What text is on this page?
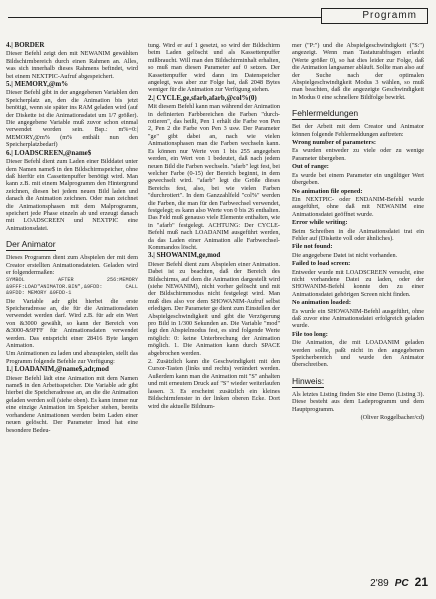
Programm

4.| BORDER

Dieser Befehl zeigt den mit NEWANIM gewählten Bildschirmbereich durch einen Rahmen an. Alles, was sich innerhalb dieses Rahmens befindet, wird bei einem NEXTPIC-Aufruf abgespeichert.

5.| MEMORY,@m%

Dieser Befehl gibt in der angegebenen Variablen den Speicherplatz an, den die Animation bis jetzt benötigt, wenn sie später ins RAM geladen wird (auf der Diskette ist die Animationsdatei um 1/7 größer). Die angegebene Variable muß zuvor schon einmal verwendet worden sein. Bsp.: m%=0:| MEMORY,@m% (m% enthält nun den Speicherplatzbedarf)

6.| LOADSCREEN,@name$

Dieser Befehl dient zum Laden einer Bilddatei unter dem Namen name$ in den Bildschirmspeicher, ohne daß hierfür ein Cassettenpuffer benötigt wird. Man kann z.B. mit einem Malprogramm den Hintergrund zeichnen, diesen bei jedem neuen Bild laden und danach die Animation zeichnen. Oder man zeichnet die Animationsphasen mit dem Malprogramm, speichert jede Phase einzeln ab und erzeugt danach mit LOADSCREEN und NEXTPIC eine Animationsdatei.

Der Animator

Dieses Programm dient zum Abspielen der mit dem Creator erstellten Animationsdateien. Geladen wird er folgendermaßen:

SYMBOL AFTER 256:MEMORY &9FFF:LOAD"ANIMATOR.BIN",&9FDD: CALL &9FDD: MEMORY &9FDD-1

Die Variable adr gibt hierbei die erste Speicheradresse an, die für die Animationsdaten verwendet werden darf. Wird z.B. für adr ein Wert von &3000 gewählt, so kann der Bereich von &3000-&9FFF für Animationsdaten verwendet werden. Das entspricht einer 28416 Byte langen Animation.

Um Animationen zu laden und abzuspielen, stellt das Programm folgende Befehle zur Verfügung:

1.| LOADANIM,@name$,adr,mod

Dieser Befehl lädt eine Animation mit dem Namen name$ in den Arbeitsspeicher. Die Variable adr gibt hierbei die Speicheradresse an, an die die Animation geladen werden soll (siehe oben). Es kann immer nur eine einzige Animation im Speicher stehen, bereits vorhandene Animationen werden beim Laden einer neuen gelöscht. Der Parameter lmod hat eine besondere Bedeu-

tung. Wird er auf 1 gesetzt, so wird der Bildschirm beim Laden gelöscht und als Kassettenpuffer mißbraucht. Will man den Bildschirminhalt erhalten, so muß man diesen Parameter auf 0 setzen. Der Kassettenpuffer wird dann im Datenspeicher angelegt, was aber zur Folge hat, daß 2048 Bytes weniger für die Animation zur Verfügung stehen.

2.| CYCLE,ge,sfarb,afarb,@col%(0)

Mit diesem Befehl kann man während der Animation in definierten Farbbereichen die Farben "durch-rotieren", das heißt, Pen 1 erhält die Farbe von Pen 2, Pen 2 die Farbe von Pen 3 usw. Der Parameter "ge" gibt dabei an, nach wie vielen Animationsphasen man die Farben wechseln kann. Es können nur Werte von 1 bis 255 angegeben werden, ein Wert von 1 bedeutet, daß nach jedem neuen Bild die Farben wechseln. "sfarb" legt fest, bei welcher Farbe (0-15) der Bereich beginnt, in dem gewechselt wird. "afarb" legt die Größe dieses Bereichs fest, also, bei wie vielen Farben "durchrotiert". In dem Ganzzahlfeld "col%" werden die Farben, die man für den Farbwechsel verwendet, festgelegt; es kann also Werte von 0 bis 26 enthalten. Das Feld muß genauso viele Elemente enthalten, wie in "afarb" festgelegt. ACHTUNG: Der CYCLE-Befehl muß nach LOADANIM ausgeführt werden, da das Laden einer Animation alle Farbwechsel-Kommandos löscht.

3.| SHOWANIM,ge,mod

Dieser Befehl dient zum Abspielen einer Animation. Dabei ist zu beachten, daß der Bereich des Bildschirms, auf dem die Animation dargestellt wird (siehe NEWANIM), nicht vorher gelöscht und mit der Bildschirmmodus nicht festgelegt wird. Man muß dies also vor dem SHOWANIM-Aufruf selbst erledigen. Der Parameter ge dient zum Einstellen der Abspielgeschwindigkeit und gibt die Verzögerung pro Bild in 1/300 Sekunden an. Die Variable "mod" legt den Abspielmodus fest, es sind folgende Werte möglich: 0: keine Unterbrechung der Animation möglich. 1. Die Animation kann durch SPACE abgebrochen werden.

2. Zusätzlich kann die Geschwindigkeit mit den Cursor-Tasten (links und rechts) verändert werden. Außerdem kann man die Animation mit "S" anhalten und mit erneutem Druck auf "S" wieder weiterlaufen lassen. 3. Es erscheint zusätzlich ein kleines Bildschirmfenster in der linken oberen Ecke. Dort wird die aktuelle Bildnum-

mer ("P:") und die Abspielgeschwindigkeit ("S:") angezeigt. Wenn man Tastaturabfragen erlaubt (Werte größer 0), so hat dies leider zur Folge, daß die Animation langsamer abläuft. Sollte man also auf der Suche nach der optimalen Abspielgeschwindigkeit Modus 3 wählen, so muß man beachten, daß die angezeigte Geschwindigkeit in Modus 0 eine schnellere Bildfolge bewirkt.

Fehlermeldungen

Bei der Arbeit mit dem Creator und Animator können folgende Fehlermeldungen auftreten:

Wrong number of parameters:

Es wurden entweder zu viele oder zu wenige Parameter übergeben.

Out of range:

Es wurde bei einem Parameter ein ungültiger Wert übergeben.

No animation file opened:

Ein NEXTPIC- oder ENDANIM-Befehl wurde ausgeführt, ohne daß mit NEWANIM eine Animationsdatei geöffnet wurde.

Error while writing:

Beim Schreiben in die Animationsdatei trat ein Fehler auf (Diskette voll oder ähnliches).

File not found:

Die angegebene Datei ist nicht vorhanden.

Failed to load screen:

Entweder wurde mit LOADSCREEN versucht, eine nicht vorhandene Datei zu laden, oder der SHOWANIM-Befehl konnte den zu einer Animationsdatei gehörigen Screen nicht finden.

No animation loaded:

Es wurde ein SHOWANIM-Befehl ausgeführt, ohne daß zuvor eine Animationsdatei erfolgreich geladen wurde.

File too long:

Die Animation, die mit LOADANIM geladen werden sollte, paßt nicht in den angegebenen Speicherbereich und wurde den Animator überschreiben.

Hinweis:

Als letztes Listing finden Sie eine Demo (Listing 3). Diese besteht aus dem Ladeprogramm und dem Hauptprogramm.

(Oliver Roggelbacher/cd)

2'89 PC 21
